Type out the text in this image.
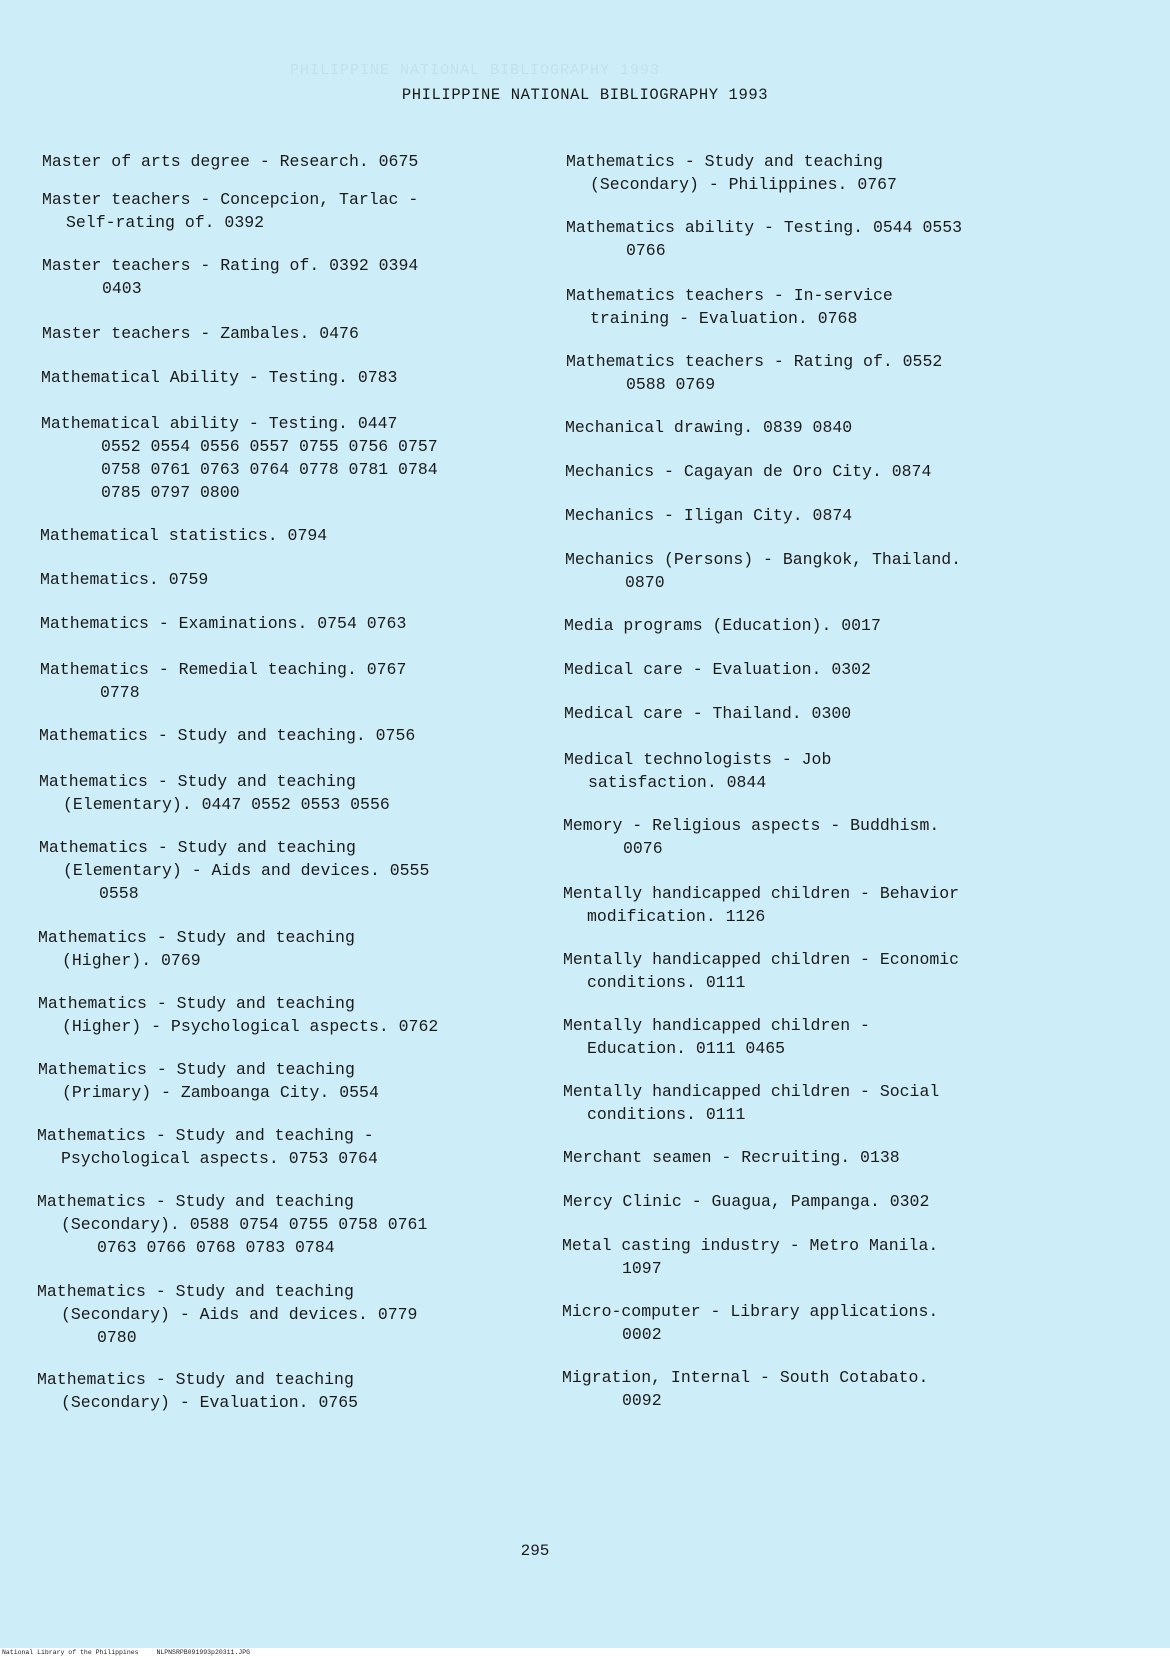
PHILIPPINE NATIONAL BIBLIOGRAPHY 1993
PHILIPPINE NATIONAL BIBLIOGRAPHY 1993
Master of arts degree - Research. 0675
Master teachers - Concepcion, Tarlac -
Self-rating of. 0392
Master teachers - Rating of. 0392 0394
0403
Master teachers - Zambales. 0476
Mathematical Ability - Testing. 0783
Mathematical ability - Testing. 0447
0552 0554 0556 0557 0755 0756 0757
0758 0761 0763 0764 0778 0781 0784
0785 0797 0800
Mathematical statistics. 0794
Mathematics. 0759
Mathematics - Examinations. 0754 0763
Mathematics - Remedial teaching. 0767
0778
Mathematics - Study and teaching. 0756
Mathematics - Study and teaching
(Elementary). 0447 0552 0553 0556
Mathematics - Study and teaching
(Elementary) - Aids and devices. 0555
0558
Mathematics - Study and teaching
(Higher). 0769
Mathematics - Study and teaching
(Higher) - Psychological aspects. 0762
Mathematics - Study and teaching
(Primary) - Zamboanga City. 0554
Mathematics - Study and teaching -
Psychological aspects. 0753 0764
Mathematics - Study and teaching
(Secondary). 0588 0754 0755 0758 0761
0763 0766 0768 0783 0784
Mathematics - Study and teaching
(Secondary) - Aids and devices. 0779
0780
Mathematics - Study and teaching
(Secondary) - Evaluation. 0765
Mathematics - Study and teaching
(Secondary) - Philippines. 0767
Mathematics ability - Testing. 0544 0553
0766
Mathematics teachers - In-service
training - Evaluation. 0768
Mathematics teachers - Rating of. 0552
0588 0769
Mechanical drawing. 0839 0840
Mechanics - Cagayan de Oro City. 0874
Mechanics - Iligan City. 0874
Mechanics (Persons) - Bangkok, Thailand.
0870
Media programs (Education). 0017
Medical care - Evaluation. 0302
Medical care - Thailand. 0300
Medical technologists - Job
satisfaction. 0844
Memory - Religious aspects - Buddhism.
0076
Mentally handicapped children - Behavior
modification. 1126
Mentally handicapped children - Economic
conditions. 0111
Mentally handicapped children -
Education. 0111 0465
Mentally handicapped children - Social
conditions. 0111
Merchant seamen - Recruiting. 0138
Mercy Clinic - Guagua, Pampanga. 0302
Metal casting industry - Metro Manila.
1097
Micro-computer - Library applications.
0002
Migration, Internal - South Cotabato.
0092
295
National Library of the Philippines	NLPNSRPB091993p20311.JPG
